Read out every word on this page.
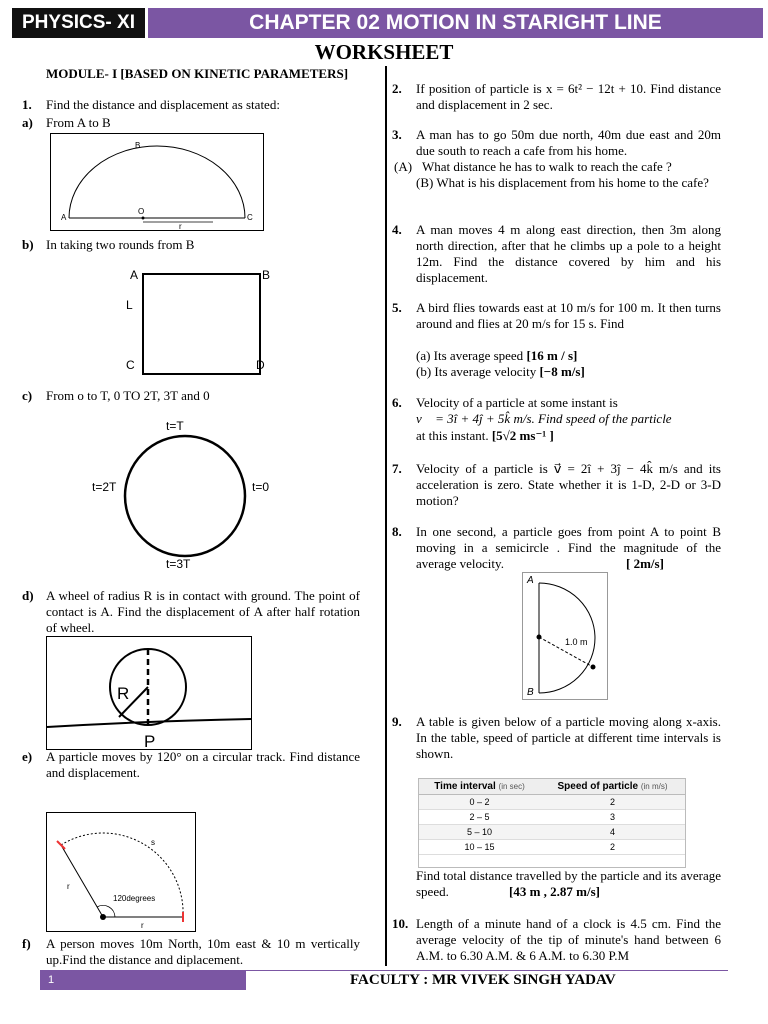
PHYSICS- XI	CHAPTER 02 MOTION IN STARIGHT LINE
WORKSHEET
MODULE- I [BASED ON KINETIC PARAMETERS]
1. Find the distance and displacement as stated:
a) From A to B
B
A
O
C
r
b) In taking two rounds from B
A	B
L
C	D
c) From o to T, 0 TO 2T, 3T and 0
t=T
t=2T	t=0
t=3T
d) A wheel of radius R is in contact with ground. The point of contact is A. Find the displacement of A after half rotation of wheel.
R
P
e) A particle moves by 120° on a circular track. Find distance and displacement.
s
r
r
120degrees
f) A person moves 10m North, 10m east & 10 m vertically up.Find the distance and diplacement.
2. If position of particle is x = 6t² − 12t + 10. Find distance and displacement in 2 sec.
3. A man has to go 50m due north, 40m due east and 20m due south to reach a cafe from his home.
(A) What distance he has to walk to reach the cafe ?
(B) What is his displacement from his home to the cafe?
4. A man moves 4 m along east direction, then 3m along north direction, after that he climbs up a pole to a height 12m. Find the distance covered by him and his displacement.
5. A bird flies towards east at 10 m/s for 100 m. It then turns around and flies at 20 m/s for 15 s. Find
(a) Its average speed [16 m / s]
(b) Its average velocity [−8 m/s]
6. Velocity of a particle at some instant is
v⃗ = 3î + 4ĵ + 5k̂ m/s. Find speed of the particle
at this instant. [5√2 ms⁻¹ ]
7. Velocity of a particle is v⃗ = 2î + 3ĵ − 4k̂ m/s and its acceleration is zero. State whether it is 1-D, 2-D or 3-D motion?
8. In one second, a particle goes from point A to point B moving in a semicircle . Find the magnitude of the average velocity.	[ 2m/s]
A
B
1.0 m
9. A table is given below of a particle moving along x-axis. In the table, speed of particle at different time intervals is shown.
Time interval (in sec)	Speed of particle (in m/s)
0 – 2	2
2 – 5	3
5 – 10	4
10 – 15	2
Find total distance travelled by the particle and its average speed.	[43 m , 2.87 m/s]
10. Length of a minute hand of a clock is 4.5 cm. Find the average velocity of the tip of minute's hand between 6 A.M. to 6.30 A.M. & 6 A.M. to 6.30 P.M
1	FACULTY : MR VIVEK SINGH YADAV
